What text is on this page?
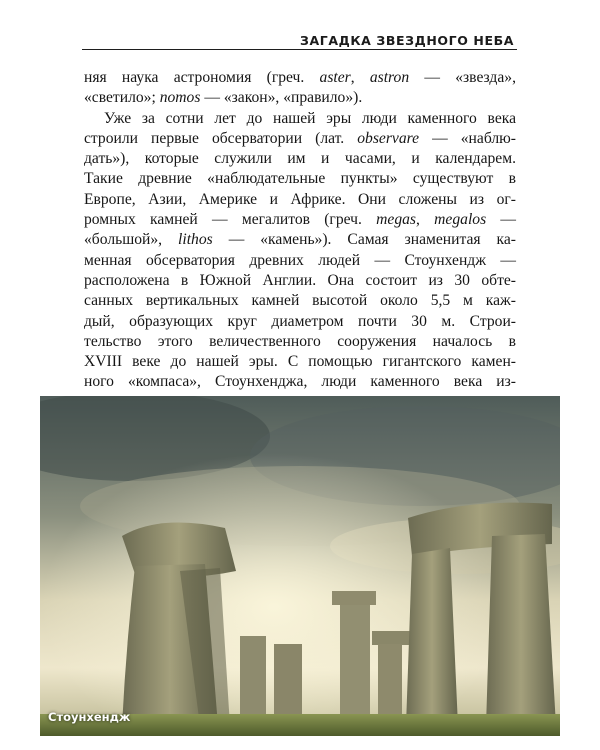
ЗАГАДКА ЗВЕЗДНОГО НЕБА
няя наука астрономия (греч. aster, astron — «звезда»,
«светило»; nomos — «закон», «правило»).
Уже за сотни лет до нашей эры люди каменного века
строили первые обсерватории (лат. observare — «наблю-
дать»), которые служили им и часами, и календарем.
Такие древние «наблюдательные пункты» существуют в
Европе, Азии, Америке и Африке. Они сложены из ог-
ромных камней — мегалитов (греч. megas, megalos —
«большой», lithos — «камень»). Самая знаменитая ка-
менная обсерватория древних людей — Стоунхендж —
расположена в Южной Англии. Она состоит из 30 обте-
санных вертикальных камней высотой около 5,5 м каж-
дый, образующих круг диаметром почти 30 м. Строи-
тельство этого величественного сооружения началось в
XVIII веке до нашей эры. С помощью гигантского камен-
ного «компаса», Стоунхенджа, люди каменного века из-
Стоунхендж
